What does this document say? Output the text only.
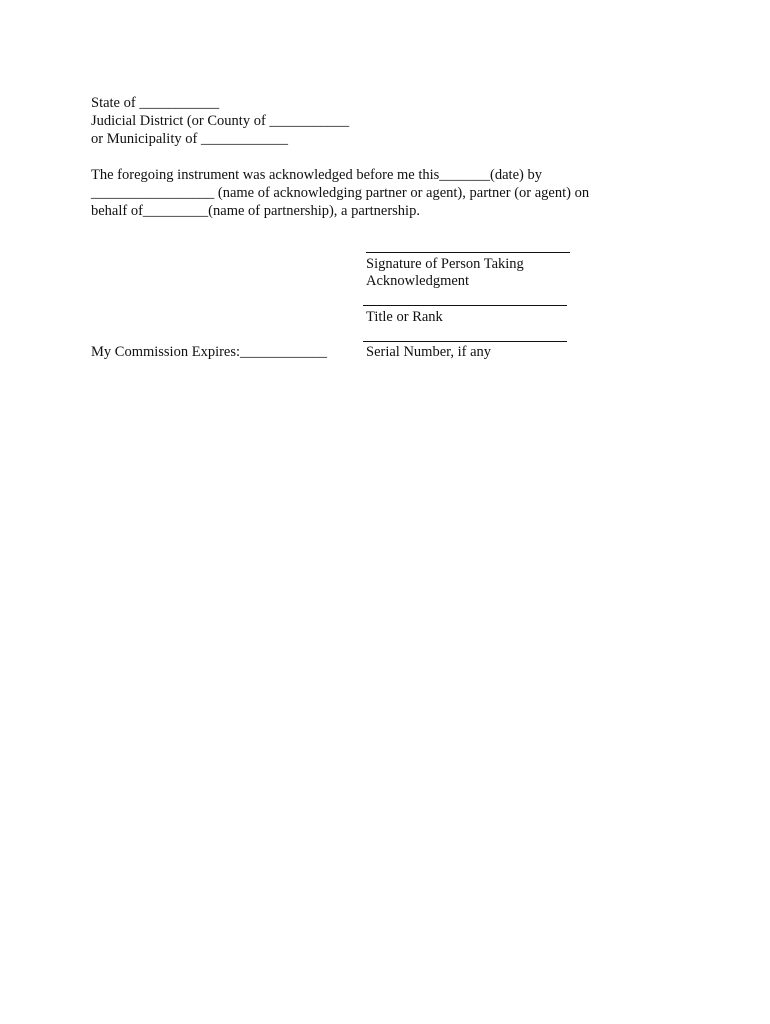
State of ___________
Judicial District (or County of ___________
or Municipality of ____________
The foregoing instrument was acknowledged before me this_______(date) by
_________________ (name of acknowledging partner or agent), partner (or agent) on
behalf of_________(name of partnership), a partnership.
Signature of Person Taking
Acknowledgment
Title or Rank
Serial Number, if any
My Commission Expires:____________
